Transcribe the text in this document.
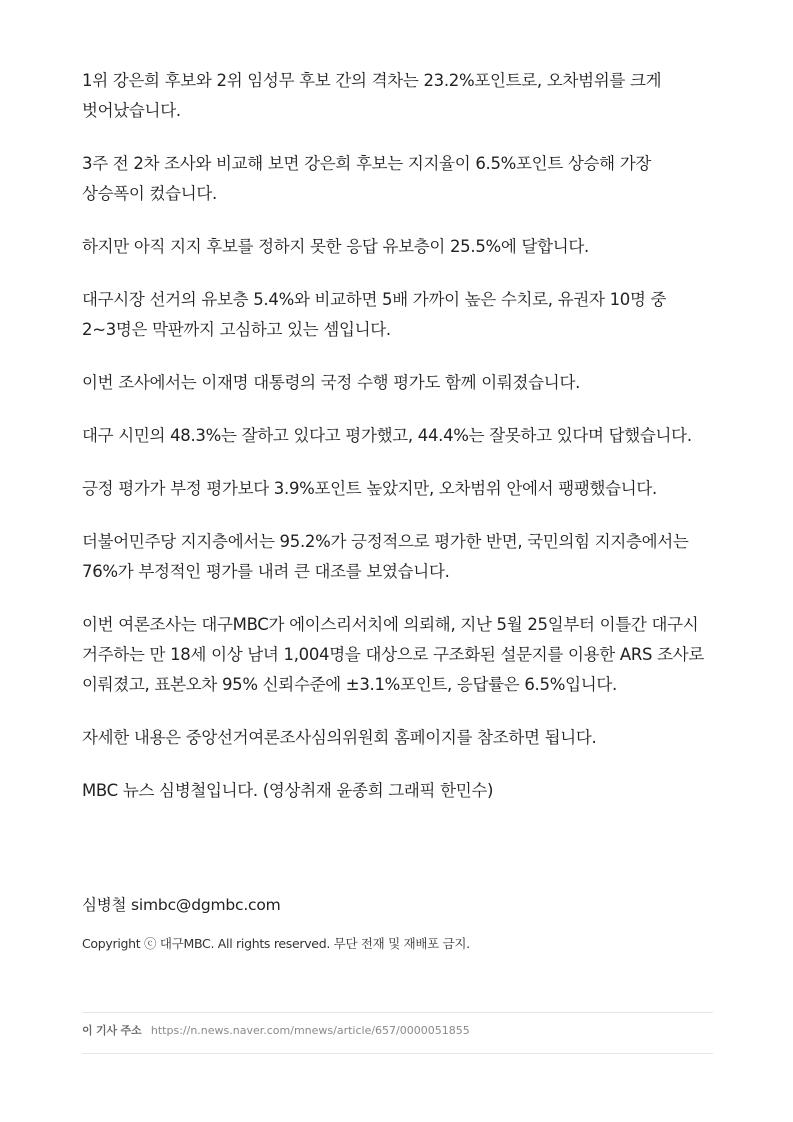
1위 강은희 후보와 2위 임성무 후보 간의 격차는 23.2%포인트로, 오차범위를 크게 벗어났습니다.

3주 전 2차 조사와 비교해 보면 강은희 후보는 지지율이 6.5%포인트 상승해 가장 상승폭이 컸습니다.

하지만 아직 지지 후보를 정하지 못한 응답 유보층이 25.5%에 달합니다.

대구시장 선거의 유보층 5.4%와 비교하면 5배 가까이 높은 수치로, 유권자 10명 중 2~3명은 막판까지 고심하고 있는 셈입니다.

이번 조사에서는 이재명 대통령의 국정 수행 평가도 함께 이뤄졌습니다.

대구 시민의 48.3%는 잘하고 있다고 평가했고, 44.4%는 잘못하고 있다며 답했습니다.

긍정 평가가 부정 평가보다 3.9%포인트 높았지만, 오차범위 안에서 팽팽했습니다.

더불어민주당 지지층에서는 95.2%가 긍정적으로 평가한 반면, 국민의힘 지지층에서는 76%가 부정적인 평가를 내려 큰 대조를 보였습니다.

이번 여론조사는 대구MBC가 에이스리서치에 의뢰해, 지난 5월 25일부터 이틀간 대구시 거주하는 만 18세 이상 남녀 1,004명을 대상으로 구조화된 설문지를 이용한 ARS 조사로 이뤄졌고, 표본오차 95% 신뢰수준에 ±3.1%포인트, 응답률은 6.5%입니다.

자세한 내용은 중앙선거여론조사심의위원회 홈페이지를 참조하면 됩니다.

MBC 뉴스 심병철입니다. (영상취재 윤종희 그래픽 한민수)

심병철 simbc@dgmbc.com
Copyright ⓒ 대구MBC. All rights reserved. 무단 전재 및 재배포 금지.
이 기사 주소 https://n.news.naver.com/mnews/article/657/0000051855
